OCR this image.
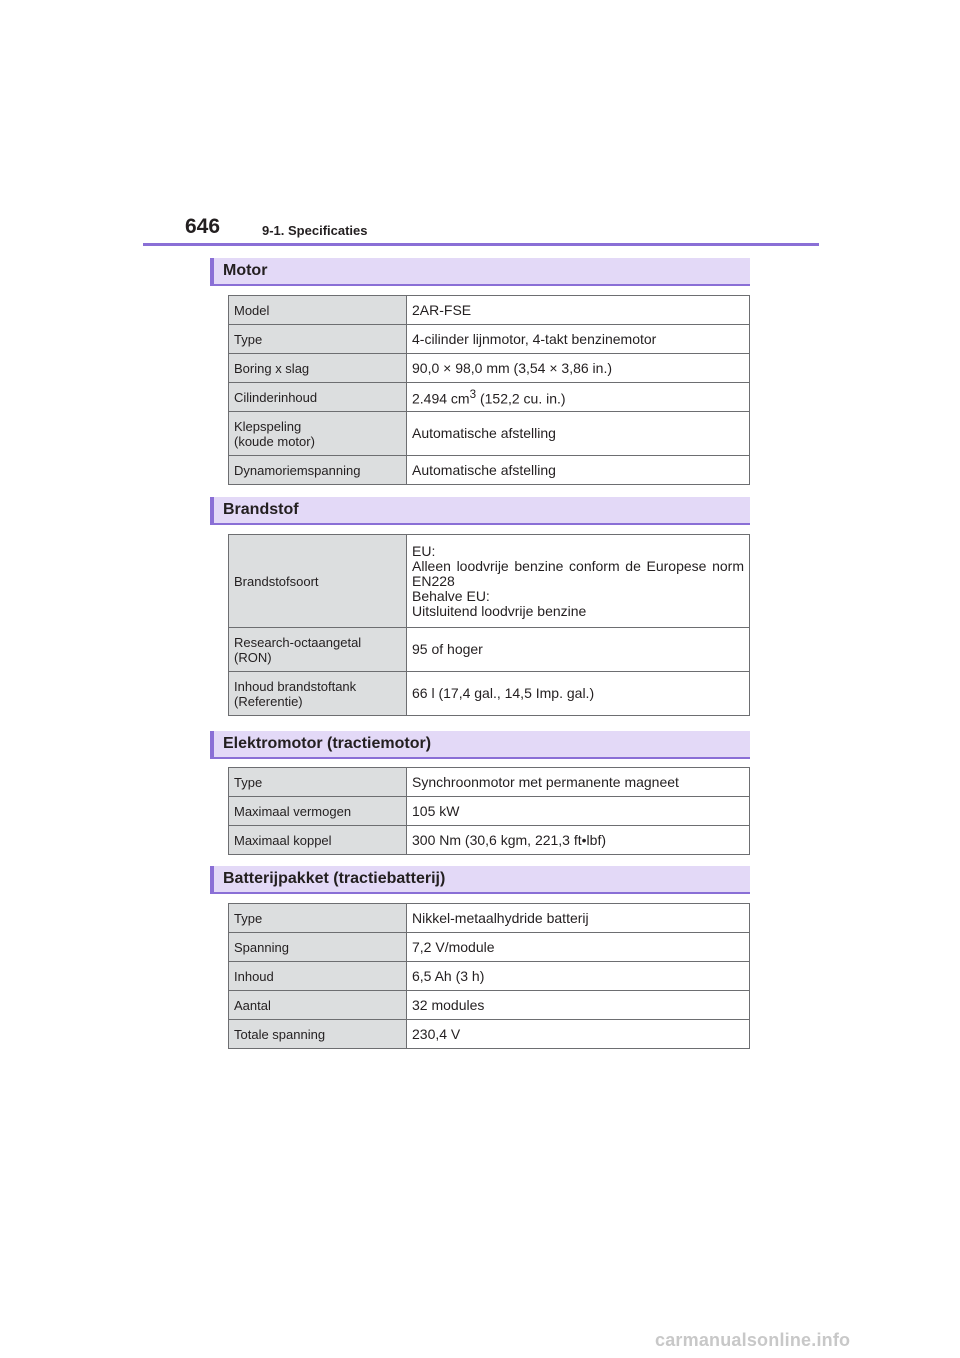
646	9-1. Specificaties
Motor
Model	2AR-FSE
Type	4-cilinder lijnmotor, 4-takt benzinemotor
Boring x slag	90,0 × 98,0 mm (3,54 × 3,86 in.)
Cilinderinhoud	2.494 $cm^3$ (152,2 cu. in.)
Klepspeling
(koude motor)	Automatische afstelling
Dynamoriemspanning	Automatische afstelling
Brandstof
Brandstofsoort	EU:
Alleen loodvrije benzine conform de Europese norm EN228
Behalve EU:
Uitsluitend loodvrije benzine
Research-octaangetal
(RON)	95 of hoger
Inhoud brandstoftank
(Referentie)	66 l (17,4 gal., 14,5 Imp. gal.)
Elektromotor (tractiemotor)
Type	Synchroonmotor met permanente magneet
Maximaal vermogen	105 kW
Maximaal koppel	300 Nm (30,6 kgm, 221,3 ft•lbf)
Batterijpakket (tractiebatterij)
Type	Nikkel-metaalhydride batterij
Spanning	7,2 V/module
Inhoud	6,5 Ah (3 h)
Aantal	32 modules
Totale spanning	230,4 V
carmanualsonline.info
